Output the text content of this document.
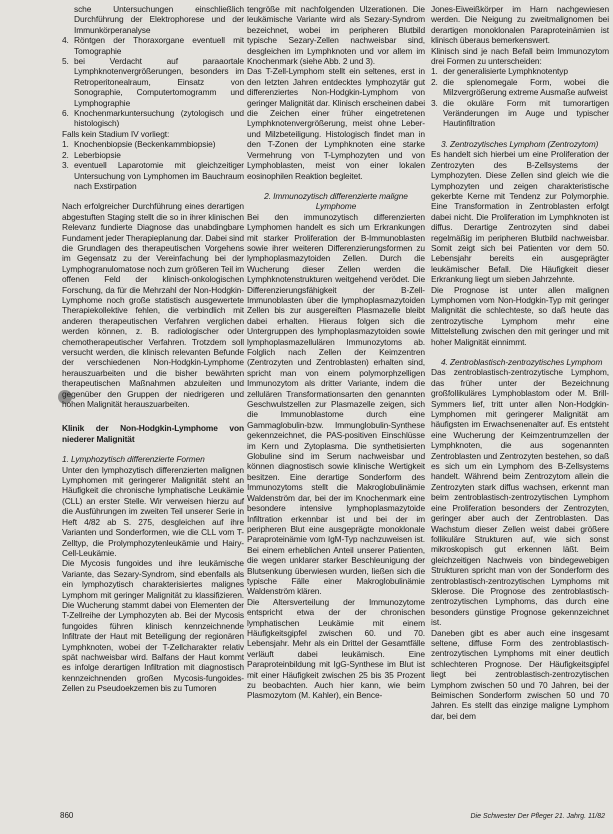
sche Untersuchungen einschließlich Durchführung der Elektrophorese und der Immunkörperanalyse
4. Röntgen der Thoraxorgane eventuell mit Tomographie
5. bei Verdacht auf paraaortale Lymphknotenvergrößerungen, besonders im Retroperitonealraum, Einsatz von Sonographie, Computertomogramm und Lymphographie
6. Knochenmarkuntersuchung (zytologisch und histologisch)

Falls kein Stadium IV vorliegt:

1. Knochenbiopsie (Beckenkammbiopsie)
2. Leberbiopsie
3. eventuell Laparotomie mit gleichzeitiger Untersuchung von Lymphomen im Bauchraum nach Exstirpation

Nach erfolgreicher Durchführung eines derartigen abgestuften Staging stellt die so in ihrer klinischen Relevanz fundierte Diagnose das unabdingbare Fundament jeder Therapieplanung dar. Dabei sind die Grundlagen des therapeutischen Vorgehens im Gegensatz zu der Vereinfachung bei der Lymphogranulomatose noch zum größeren Teil im offenen Feld der klinisch-onkologischen Forschung, da für die Mehrzahl der Non-Hodgkin-Lymphome noch große statistisch ausgewertete Therapiekollektive fehlen, die verbindlich mit anderen therapeutischen Verfahren verglichen werden können, z. B. radiologischer oder chemotherapeutischer Verfahren. Trotzdem soll versucht werden, die klinisch relevanten Befunde der verschiedenen Non-Hodgkin-Lymphome herauszuarbeiten und die bisher bewährten therapeutischen Maßnahmen abzuleiten und gegenüber den Gruppen der niedrigeren und hohen Malignität herauszuarbeiten.

Klinik der Non-Hodgkin-Lymphome von niederer Malignität

1. Lymphozytisch differenzierte Formen

Unter den lymphozytisch differenzierten malignen Lymphomen mit geringerer Malignität steht an Häufigkeit die chronische lymphatische Leukämie (CLL) an erster Stelle. Wir verweisen hierzu auf die Ausführungen im zweiten Teil unserer Serie in Heft 4/82 ab S. 275, desgleichen auf ihre Varianten und Sonderformen, wie die CLL vom T-Zelltyp, die Prolymphozytenleukämie und Hairy-Cell-Leukämie.

Die Mycosis fungoides und ihre leukämische Variante, das Sezary-Syndrom, sind ebenfalls als ein lymphozytisch charakterisiertes malignes Lymphom mit geringer Malignität zu klassifizieren. Die Wucherung stammt dabei von Elementen der T-Zellreihe der Lymphozyten ab. Bei der Mycosis fungoides führen klinisch kennzeichnende Infiltrate der Haut mit Beteiligung der regionären Lymphknoten, wobei der T-Zellcharakter relativ spät nachweisbar wird. Balfans der Haut kommt es infolge derartigen Infiltration mit diagnostisch kennzeichnenden großen Mycosis-fungoides-Zellen zu Pseudoekzemen bis zu Tumoren

tengröße mit nachfolgenden Ulzerationen. Die leukämische Variante wird als Sezary-Syndrom bezeichnet, wobei im peripheren Blutbild typische Sezary-Zellen nachweisbar sind, desgleichen im Lymphknoten und vor allem im Knochenmark (siehe Abb. 2 und 3).

Das T-Zell-Lymphom stellt ein seltenes, erst in den letzten Jahren entdecktes lymphozytär gut differenziertes Non-Hodgkin-Lymphom von geringer Malignität dar. Klinisch erscheinen dabei die Zeichen einer früher eingetretenen Lymphknotenvergrößerung, meist ohne Leber- und Milzbeteiligung. Histologisch findet man in den T-Zonen der Lymphknoten eine starke Vermehrung von T-Lymphozyten und von Lymphoblasten, meist von einer lokalen eosinophilen Reaktion begleitet.

2. Immunozytisch differenzierte maligne Lymphome

Bei den immunozytisch differenzierten Lymphomen handelt es sich um Erkrankungen mit starker Proliferation der B-Immunoblasten sowie ihrer weiteren Differenzierungsformen zu lymphoplasmazytoiden Zellen. Durch die Wucherung dieser Zellen werden die Lymphknotenstrukturen weitgehend verödet. Die Differenzierungsfähigkeit der B-Zell-Immunoblasten über die lymphoplasmazytoiden Zellen bis zur ausgereiften Plasmazelle bleibt dabei erhalten. Hieraus folgen sich die Untergruppen des lymphoplasmazytoiden sowie lymphoplasmazellulären Immunozytoms ab. Folglich nach Zellen der Keimzentren (Zentrozyten und Zentroblasten) erhalten sind, spricht man von einem polymorphzelligen Immunozytom als dritter Variante, indem die zellulären Transformationsarten den genannten Geschwulstzellen zur Plasmazelle zeigen, sich die Immunoblastome durch eine Gammaglobulin-bzw. Immunglobulin-Synthese gekennzeichnet, die PAS-positiven Einschlüsse im Kern und Zytoplasma. Die synthetisierten Globuline sind im Serum nachweisbar und können diagnostisch sowie klinische Wertigkeit besitzen. Eine derartige Sonderform des Immunozytoms stellt die Makroglobulinämie Waldenström dar, bei der im Knochenmark eine besondere intensive lymphoplasmazytoide Infiltration erkennbar ist und bei der im peripheren Blut eine ausgeprägte monoklonale Paraproteinämie vom IgM-Typ nachzuweisen ist. Bei einem erheblichen Anteil unserer Patienten, die wegen unklarer starker Beschleunigung der Blutsenkung überwiesen wurden, ließen sich die typische Fälle einer Makroglobulinämie Waldenström klären.

Die Altersverteilung der Immunozytome entspricht etwa der der chronischen lymphatischen Leukämie mit einem Häufigkeitsgipfel zwischen 60. und 70. Lebensjahr. Mehr als ein Drittel der Gesamtfälle verläuft dabei leukämisch. Eine Paraproteinbildung mit IgG-Synthese im Blut ist mit einer Häufigkeit zwischen 25 bis 35 Prozent zu beobachten. Auch hier kann, wie beim Plasmozytom (M. Kahler), ein Bence-

Jones-Eiweißkörper im Harn nachgewiesen werden. Die Neigung zu zweitmalignomen bei derartigen monoklonalen Paraproteinämien ist klinisch überaus bemerkenswert.

Klinisch sind je nach Befall beim Immunozytom drei Formen zu unterscheiden:

1. der generalisierte Lymphknotentyp
2. die splenomegale Form, wobei die Milzvergrößerung extreme Ausmaße aufweist
3. die okuläre Form mit tumorartigen Veränderungen im Auge und typischer Hautinfiltration

3. Zentrozytisches Lymphom (Zentrozytom)

Es handelt sich hierbei um eine Proliferation der Zentrozyten des B-Zellsystems der Lymphozyten. Diese Zellen sind gleich wie die Lymphozyten und zeigen charakteristische gekerbte Kerne mit Tendenz zur Polymorphie. Eine Transformation in Zentroblasten erfolgt dabei nicht. Die Proliferation im Lymphknoten ist diffus. Derartige Zentrozyten sind dabei regelmäßig im peripheren Blutbild nachweisbar. Somit zeigt sich bei Patienten vor dem 50. Lebensjahr bereits ein ausgeprägter leukämischer Befall. Die Häufigkeit dieser Erkrankung liegt um sieben Jahrzehnte.

Die Prognose ist unter allen malignen Lymphomen vom Non-Hodgkin-Typ mit geringer Malignität die schlechteste, so daß heute das zentrozytische Lymphom mehr eine Mittelstellung zwischen den mit geringer und mit hoher Malignität einnimmt.

4. Zentroblastisch-zentrozytisches Lymphom

Das zentroblastisch-zentrozytische Lymphom, das früher unter der Bezeichnung großfollikuläres Lymphoblastom oder M. Brill-Symmers lief, tritt unter allen Non-Hodgkin-Lymphomen mit geringerer Malignität am häufigsten im Erwachsenenalter auf. Es entsteht eine Wucherung der Keimzentrumzellen der Lymphknoten, die aus sogenannten Zentroblasten und Zentrozyten bestehen, so daß es sich um ein Lymphom des B-Zellsystems handelt. Während beim Zentrozytom allein die Zentrozyten stark diffus wachsen, erkennt man beim zentroblastisch-zentrozytischen Lymphom eine Proliferation besonders der Zentrozyten, geringer aber auch der Zentroblasten. Das Wachstum dieser Zellen weist dabei größere follikuläre Strukturen auf, wie sich sonst mikroskopisch gut erkennen läßt. Beim gleichzeitigen Nachweis von bindegewebigen Strukturen spricht man von der Sonderform des zentroblastisch-zentrozytischen Lymphoms mit Sklerose. Die Prognose des zentroblastisch-zentrozytischen Lymphoms, das durch eine besonders günstige Prognose gekennzeichnet ist.

Daneben gibt es aber auch eine insgesamt seltene, diffuse Form des zentroblastisch-zentrozytischen Lymphoms mit einer deutlich schlechteren Prognose. Der Häufigkeitsgipfel liegt bei zentroblastisch-zentrozytischen Lymphom zwischen 50 und 70 Jahren, bei der Beimischen Sonderform zwischen 50 und 70 Jahren. Es stellt das einzige maligne Lymphom dar, bei dem

860	Die Schwester Der Pfleger 21. Jahrg. 11/82
